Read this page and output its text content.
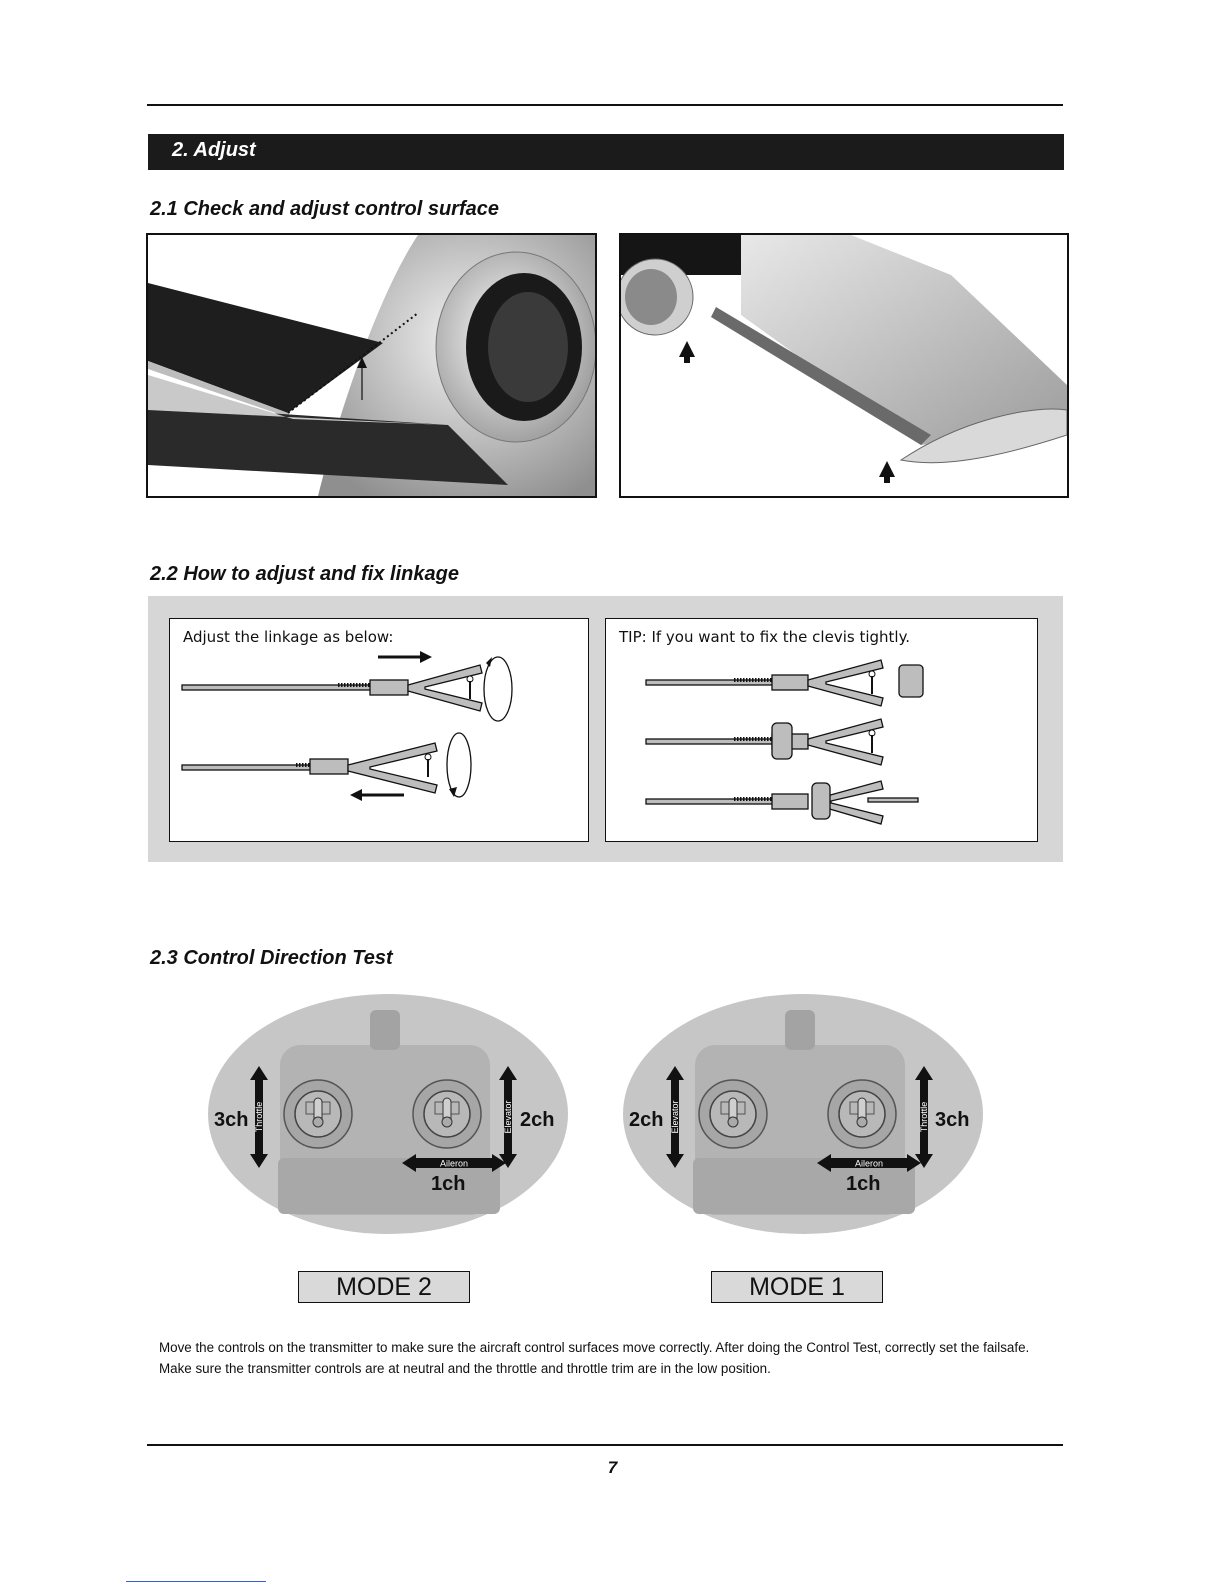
2. Adjust
2.1 Check and adjust control surface
2.2 How to adjust and fix linkage
Adjust the linkage as below:	TIP: If you want to fix the clevis tightly.
2.3 Control Direction Test
Throttle	Elevator
Aileron
3ch	2ch
1ch
Elevator	Throttle
Aileron
2ch	3ch
1ch
MODE 2	MODE 1
Move the controls on the transmitter to make sure the aircraft control surfaces move correctly. After doing the Control Test, correctly set the failsafe. Make sure the transmitter controls are at neutral and the throttle and throttle trim are in the low position.
7
